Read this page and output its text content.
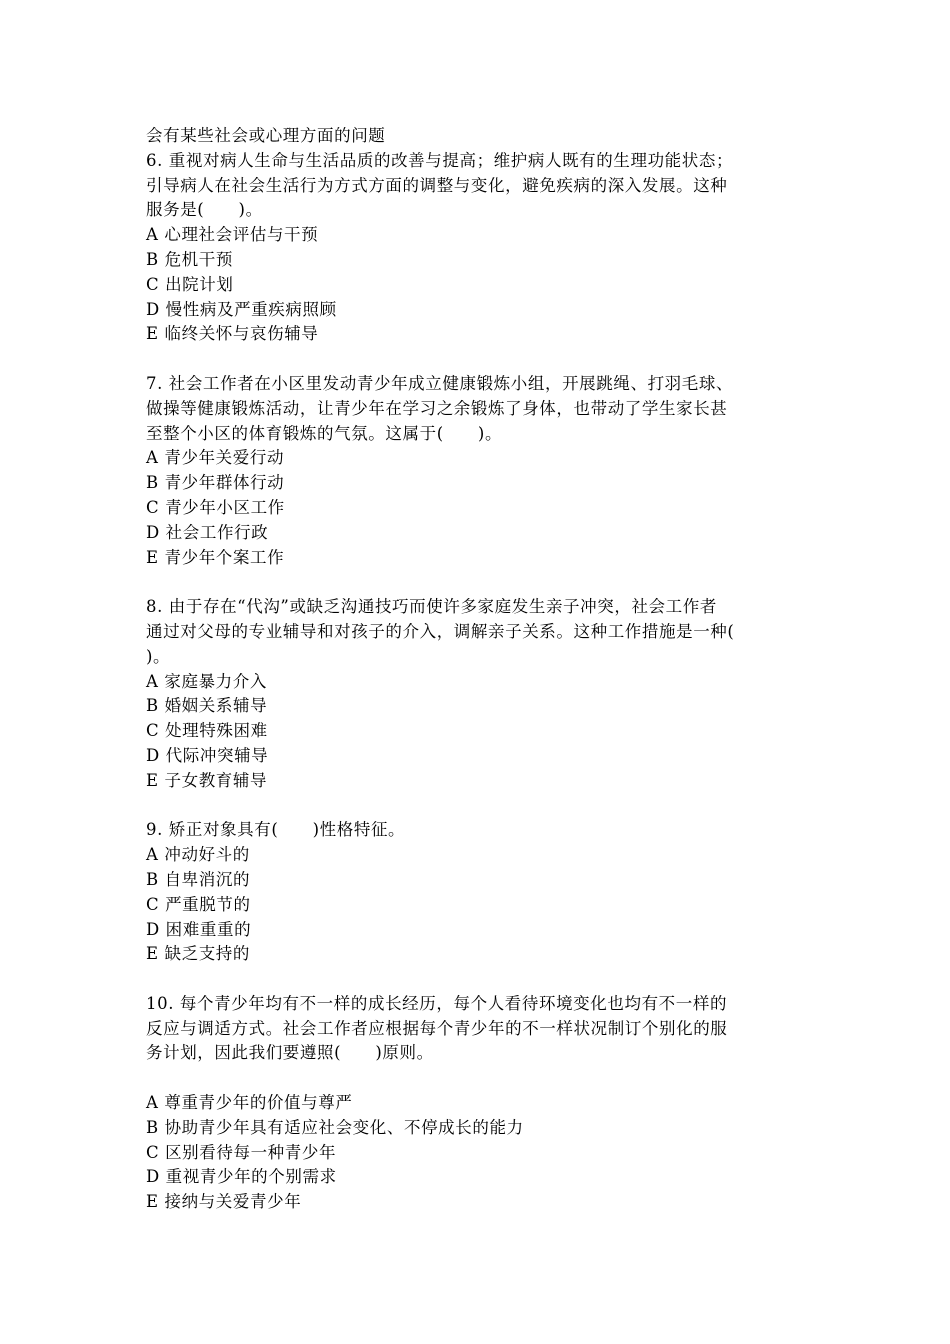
会有某些社会或心理方面的问题
6. 重视对病人生命与生活品质的改善与提高；维护病人既有的生理功能状态；
引导病人在社会生活行为方式方面的调整与变化，避免疾病的深入发展。这种
服务是(　　)。
A 心理社会评估与干预
B 危机干预
C 出院计划
D 慢性病及严重疾病照顾
E 临终关怀与哀伤辅导
7. 社会工作者在小区里发动青少年成立健康锻炼小组，开展跳绳、打羽毛球、
做操等健康锻炼活动，让青少年在学习之余锻炼了身体，也带动了学生家长甚
至整个小区的体育锻炼的气氛。这属于(　　)。
A 青少年关爱行动
B 青少年群体行动
C 青少年小区工作
D 社会工作行政
E 青少年个案工作
8. 由于存在“代沟”或缺乏沟通技巧而使许多家庭发生亲子冲突，社会工作者
通过对父母的专业辅导和对孩子的介入，调解亲子关系。这种工作措施是一种(
)。
A 家庭暴力介入
B 婚姻关系辅导
C 处理特殊困难
D 代际冲突辅导
E 子女教育辅导
9. 矫正对象具有(　　)性格特征。
A 冲动好斗的
B 自卑消沉的
C 严重脱节的
D 困难重重的
E 缺乏支持的
10. 每个青少年均有不一样的成长经历，每个人看待环境变化也均有不一样的
反应与调适方式。社会工作者应根据每个青少年的不一样状况制订个别化的服
务计划，因此我们要遵照(　　)原则。
A 尊重青少年的价值与尊严
B 协助青少年具有适应社会变化、不停成长的能力
C 区别看待每一种青少年
D 重视青少年的个别需求
E 接纳与关爱青少年
